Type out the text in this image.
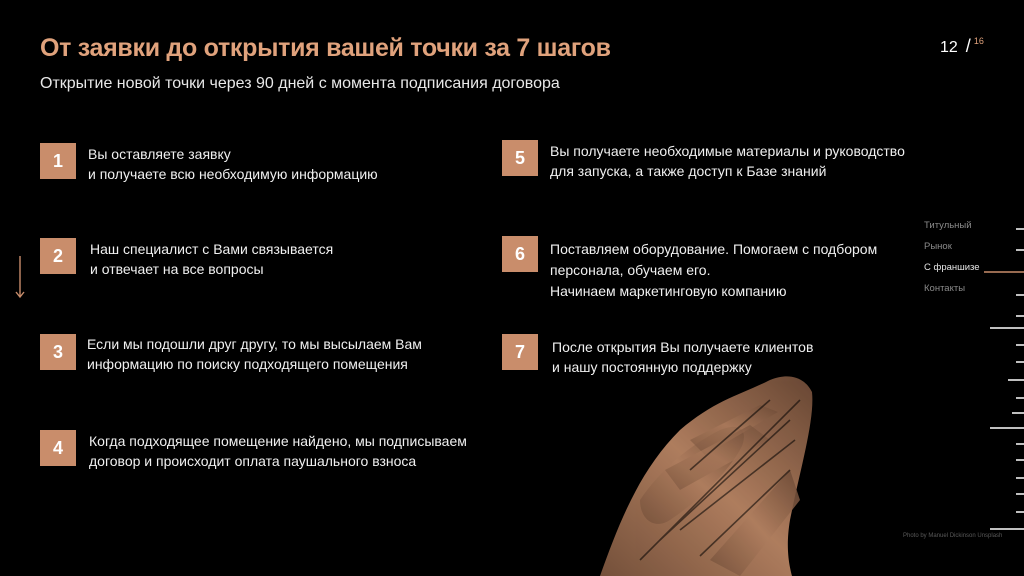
От заявки до открытия вашей точки за 7 шагов
Открытие новой точки через 90 дней с момента подписания договора
12 / $^{16}$
1	Вы оставляете заявку
и получаете всю необходимую информацию
2	Наш специалист с Вами связывается
и отвечает на все вопросы
3	Если мы подошли друг другу, то мы высылаем Вам
информацию по поиску подходящего помещения
4	Когда подходящее помещение найдено, мы подписываем
договор и происходит оплата паушального взноса
5	Вы получаете необходимые материалы и руководство
для запуска, а также доступ к Базе знаний
6	Поставляем оборудование. Помогаем с подбором
персонала, обучаем его.
Начинаем маркетинговую компанию
7	После открытия Вы получаете клиентов
и нашу постоянную поддержку
Титульный
Рынок
С франшизе
Контакты
Photo by Manuel Dickinson Unsplash
